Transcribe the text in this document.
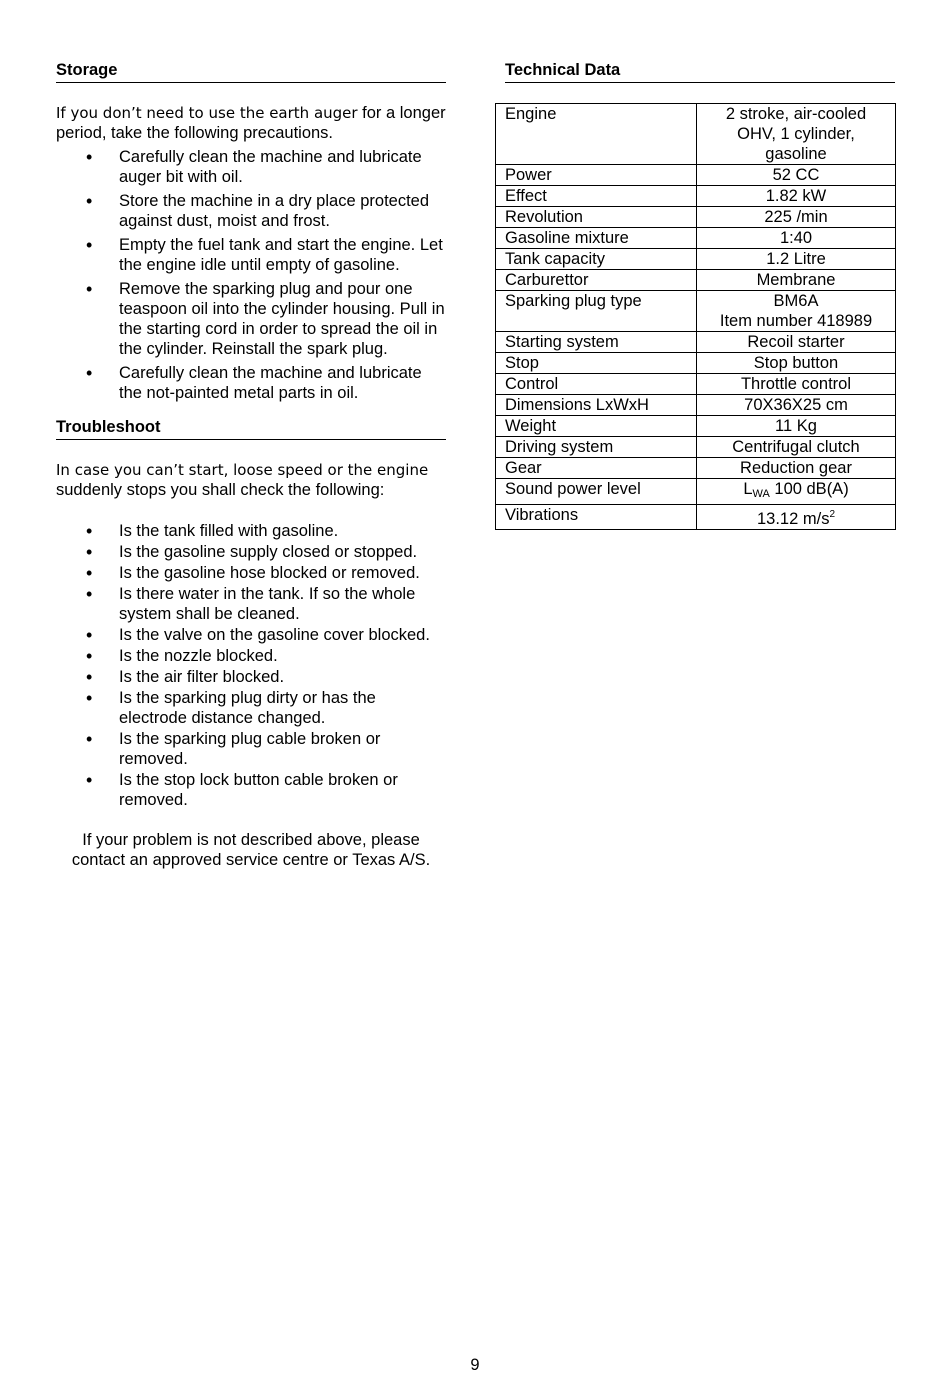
Storage
If you don’t need to use the earth auger for a longer period, take the following precautions.
• Carefully clean the machine and lubricate auger bit with oil.
• Store the machine in a dry place protected against dust, moist and frost.
• Empty the fuel tank and start the engine. Let the engine idle until empty of gasoline.
• Remove the sparking plug and pour one teaspoon oil into the cylinder housing. Pull in the starting cord in order to spread the oil in the cylinder. Reinstall the spark plug.
• Carefully clean the machine and lubricate the not-painted metal parts in oil.
Troubleshoot
In case you can’t start, loose speed or the engine suddenly stops you shall check the following:
• Is the tank filled with gasoline.
• Is the gasoline supply closed or stopped.
• Is the gasoline hose blocked or removed.
• Is there water in the tank. If so the whole system shall be cleaned.
• Is the valve on the gasoline cover blocked.
• Is the nozzle blocked.
• Is the air filter blocked.
• Is the sparking plug dirty or has the electrode distance changed.
• Is the sparking plug cable broken or removed.
• Is the stop lock button cable broken or removed.
If your problem is not described above, please contact an approved service centre or Texas A/S.
Technical Data
Engine	2 stroke, air-cooled
OHV, 1 cylinder,
gasoline

Power	52 CC

Effect	1.82 kW

Revolution	225 /min

Gasoline mixture	1:40

Tank capacity	1.2 Litre

Carburettor	Membrane

Sparking plug type	BM6A
Item number 418989

Starting system	Recoil starter

Stop	Stop button

Control	Throttle control

Dimensions LxWxH	70X36X25 cm

Weight	11 Kg

Driving system	Centrifugal clutch

Gear	Reduction gear

Sound power level	$L_{WA}$ 100 dB(A)
Vibrations	13.12 $m/s^2$
9
